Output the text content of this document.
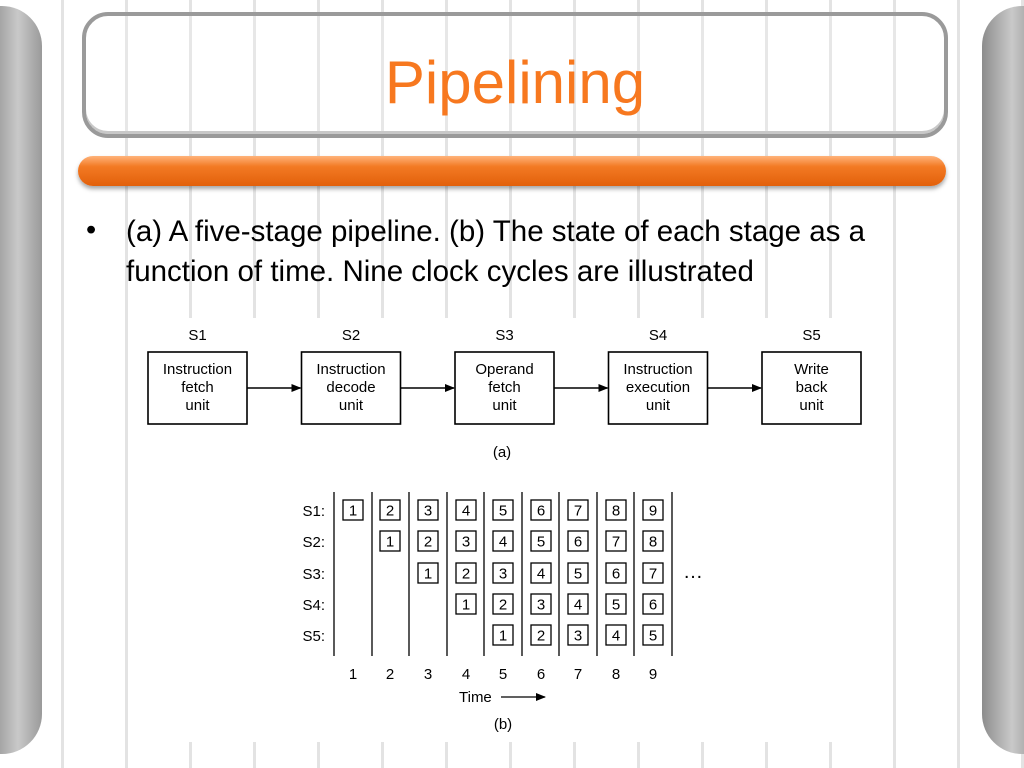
Pipelining
• (a) A five-stage pipeline. (b) The state of each stage as a function of time. Nine clock cycles are illustrated
S1
Instruction
fetch
unit
S2
Instruction
decode
unit
S3
Operand
fetch
unit
S4
Instruction
execution
unit
S5
Write
back
unit
(a)
S1:
S2:
S3:
S4:
S5:
1 2 3 4 5 6 7 8 9
1 2 3 4 5 6 7 8
1 2 3 4 5 6 7
1 2 3 4 5 6
1 2 3 4 5
…
1 2 3 4 5 6 7 8 9
Time
(b)
